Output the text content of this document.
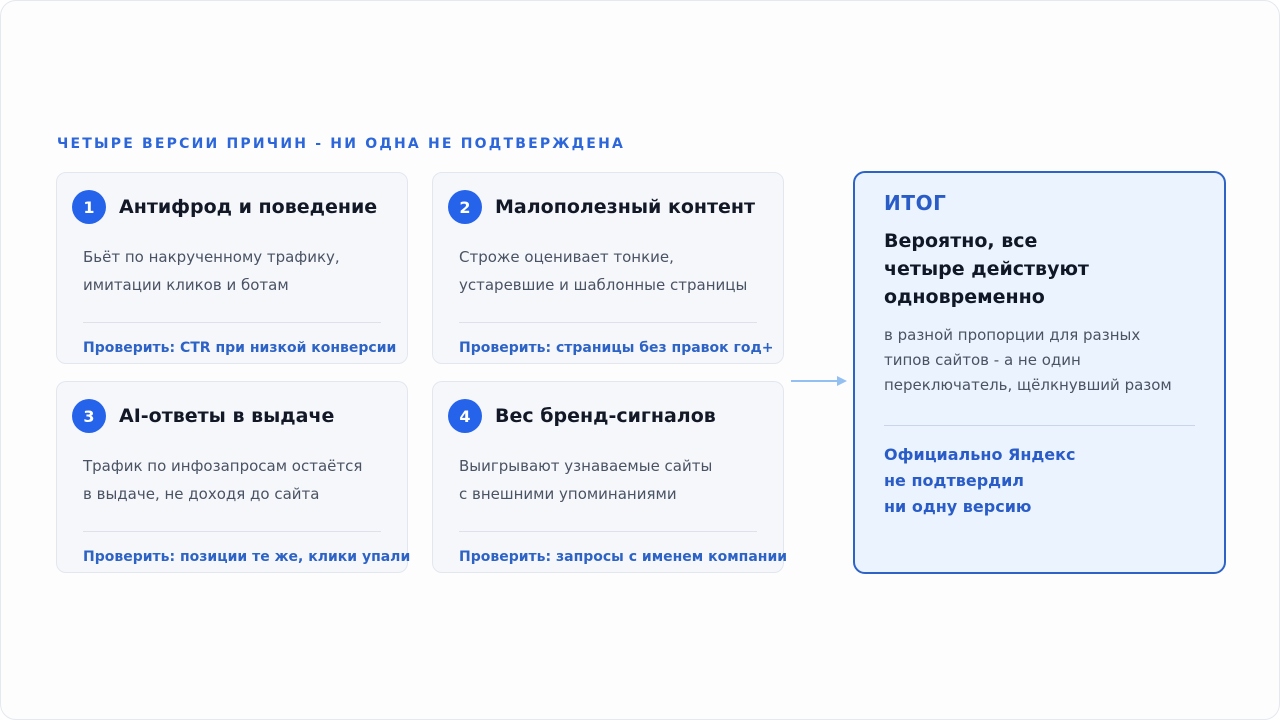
ЧЕТЫРЕ ВЕРСИИ ПРИЧИН - НИ ОДНА НЕ ПОДТВЕРЖДЕНА
1	Антифрод и поведение
Бьёт по накрученному трафику,
имитации кликов и ботам
Проверить: CTR при низкой конверсии
2	Малополезный контент
Строже оценивает тонкие,
устаревшие и шаблонные страницы
Проверить: страницы без правок год+
3	AI-ответы в выдаче
Трафик по инфозапросам остаётся
в выдаче, не доходя до сайта
Проверить: позиции те же, клики упали
4	Вес бренд-сигналов
Выигрывают узнаваемые сайты
с внешними упоминаниями
Проверить: запросы с именем компании
ИТОГ
Вероятно, все
четыре действуют
одновременно
в разной пропорции для разных
типов сайтов - а не один
переключатель, щёлкнувший разом
Официально Яндекс
не подтвердил
ни одну версию
